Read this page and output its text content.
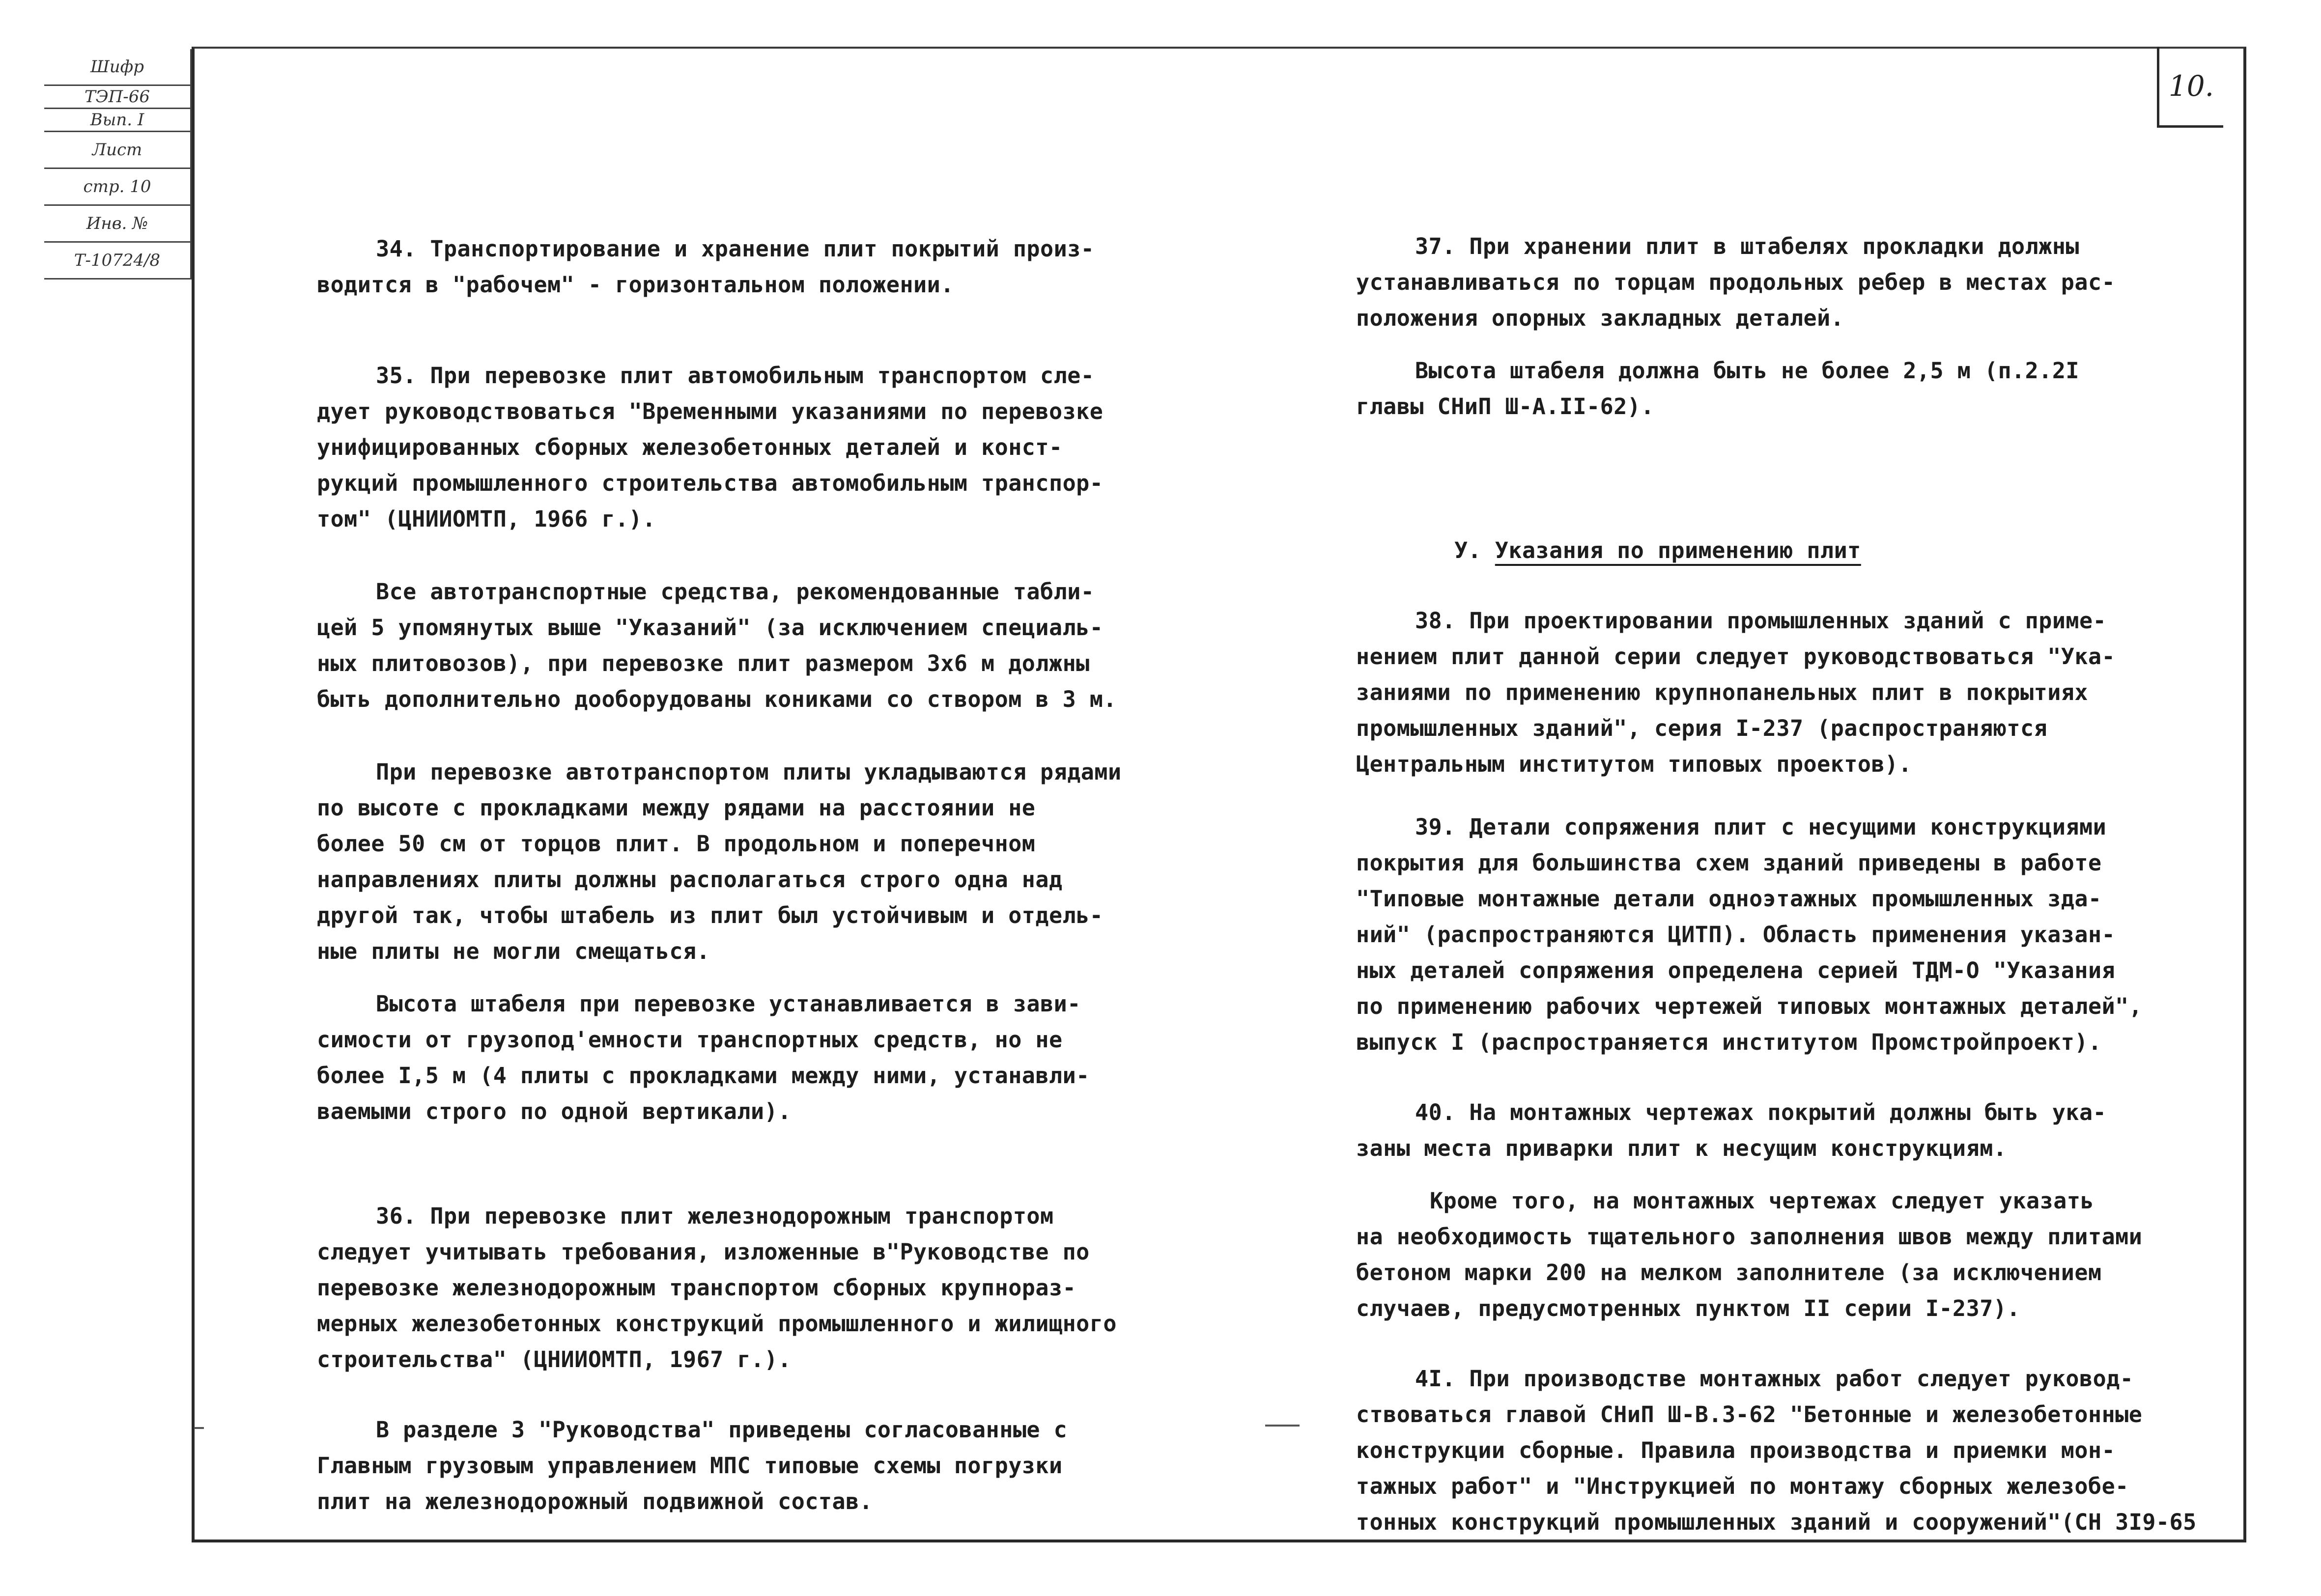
10.
Шифр
ТЭП-66
Вып. I
Лист
стр. 10
Инв. №
Т-10724/8	34. Транспортирование и хранение плит покрытий произ-
водится в "рабочем" - горизонтальном положении.

35. При перевозке плит автомобильным транспортом сле-
дует руководствоваться "Временными указаниями по перевозке
унифицированных сборных железобетонных деталей и конст-
рукций промышленного строительства автомобильным транспор-
том" (ЦНИИОМТП, 1966 г.).

Все автотранспортные средства, рекомендованные табли-
цей 5 упомянутых выше "Указаний" (за исключением специаль-
ных плитовозов), при перевозке плит размером 3х6 м должны
быть дополнительно дооборудованы кониками со створом в 3 м.

При перевозке автотранспортом плиты укладываются рядами
по высоте с прокладками между рядами на расстоянии не
более 50 см от торцов плит. В продольном и поперечном
направлениях плиты должны располагаться строго одна над
другой так, чтобы штабель из плит был устойчивым и отдель-
ные плиты не могли смещаться.

Высота штабеля при перевозке устанавливается в зави-
симости от грузопод'емности транспортных средств, но не
более I,5 м (4 плиты с прокладками между ними, устанавли-
ваемыми строго по одной вертикали).

36. При перевозке плит железнодорожным транспортом
следует учитывать требования, изложенные в"Руководстве по
перевозке железнодорожным транспортом сборных крупнораз-
мерных железобетонных конструкций промышленного и жилищного
строительства" (ЦНИИОМТП, 1967 г.).

В разделе 3 "Руководства" приведены согласованные с
Главным грузовым управлением МПС типовые схемы погрузки
плит на железнодорожный подвижной состав.

37. При хранении плит в штабелях прокладки должны
устанавливаться по торцам продольных ребер в местах рас-
положения опорных закладных деталей.

Высота штабеля должна быть не более 2,5 м (п.2.2I
главы СНиП Ш-А.II-62).

У. Указания по применению плит

38. При проектировании промышленных зданий с приме-
нением плит данной серии следует руководствоваться "Ука-
заниями по применению крупнопанельных плит в покрытиях
промышленных зданий", серия I-237 (распространяются
Центральным институтом типовых проектов).

39. Детали сопряжения плит с несущими конструкциями
покрытия для большинства схем зданий приведены в работе
"Типовые монтажные детали одноэтажных промышленных зда-
ний" (распространяются ЦИТП). Область применения указан-
ных деталей сопряжения определена серией ТДМ-О "Указания
по применению рабочих чертежей типовых монтажных деталей",
выпуск I (распространяется институтом Промстройпроект).

40. На монтажных чертежах покрытий должны быть ука-
заны места приварки плит к несущим конструкциям.

Кроме того, на монтажных чертежах следует указать
на необходимость тщательного заполнения швов между плитами
бетоном марки 200 на мелком заполнителе (за исключением
случаев, предусмотренных пунктом II серии I-237).

4I. При производстве монтажных работ следует руковод-
ствоваться главой СНиП Ш-В.3-62 "Бетонные и железобетонные
конструкции сборные. Правила производства и приемки мон-
тажных работ" и "Инструкцией по монтажу сборных железобе-
тонных конструкций промышленных зданий и сооружений"(СН 3I9-65
